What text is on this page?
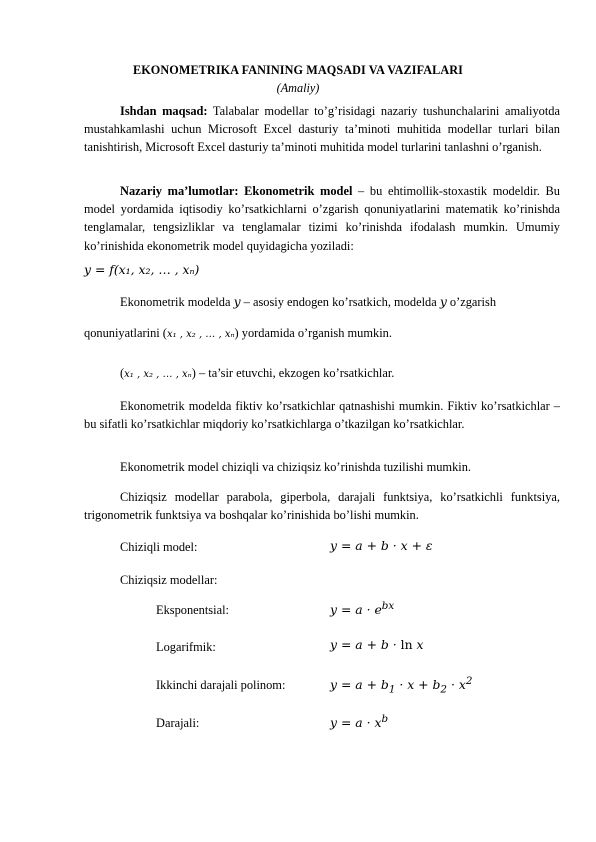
EKONOMETRIKA FANINING MAQSADI VA VAZIFALARI
(Amaliy)
Ishdan maqsad: Talabalar modellar to’g’risidagi nazariy tushunchalarini amaliyotda mustahkamlashi uchun Microsoft Excel dasturiy ta’minoti muhitida modellar turlari bilan tanishtirish, Microsoft Excel dasturiy ta’minoti muhitida model turlarini tanlashni o’rganish.
Nazariy ma’lumotlar: Ekonometrik model – bu ehtimollik-stoxastik modeldir. Bu model yordamida iqtisodiy ko’rsatkichlarni o’zgarish qonuniyatlarini matematik ko’rinishda tenglamalar, tengsizliklar va tenglamalar tizimi ko’rinishda ifodalash mumkin. Umumiy ko’rinishida ekonometrik model quyidagicha yoziladi:
y = f(x₁, x₂, … , xₙ)
Ekonometrik modelda y – asosiy endogen ko’rsatkich, modelda y o’zgarish
qonuniyatlarini (x₁ , x₂ , … , xₙ) yordamida o’rganish mumkin.
(x₁ , x₂ , … , xₙ) – ta’sir etuvchi, ekzogen ko’rsatkichlar.
Ekonometrik modelda fiktiv ko’rsatkichlar qatnashishi mumkin. Fiktiv ko’rsatkichlar – bu sifatli ko’rsatkichlar miqdoriy ko’rsatkichlarga o’tkazilgan ko’rsatkichlar.
Ekonometrik model chiziqli va chiziqsiz ko’rinishda tuzilishi mumkin.
Chiziqsiz modellar parabola, giperbola, darajali funktsiya, ko’rsatkichli funktsiya, trigonometrik funktsiya va boshqalar ko’rinishida bo’lishi mumkin.
Chiziqli model:	y = a + b · x + ε
Chiziqsiz modellar:
Eksponentsial:	$y = a \cdot e^{bx}$
Logarifmik:	y = a + b · ln x
Ikkinchi darajali polinom:	$y = a + b_1 \cdot x + b_2 \cdot x^2$
Darajali:	$y = a \cdot x^b$
